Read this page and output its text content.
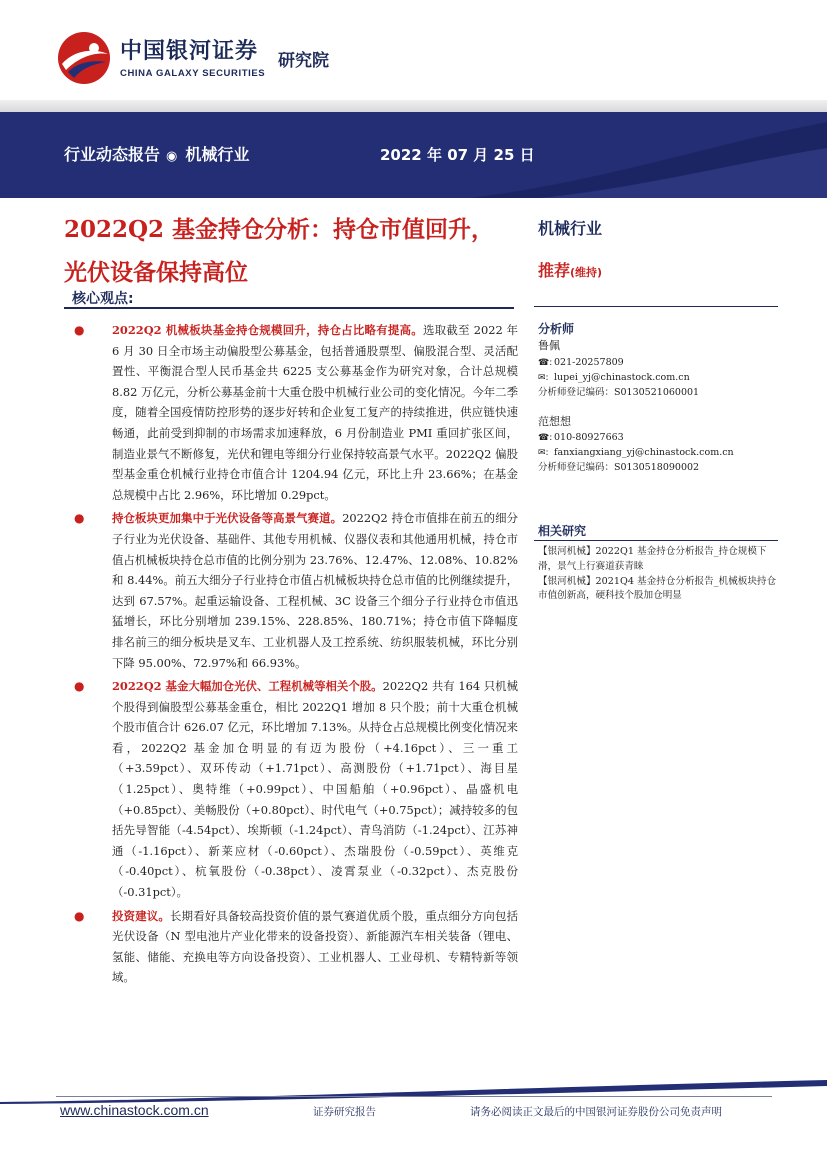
中国银河证券
CHINA GALAXY SECURITIES
研究院
行业动态报告 ◉ 机械行业	2022 年 07 月 25 日
2022Q2 基金持仓分析：持仓市值回升，光伏设备保持高位
核心观点:
● 2022Q2 机械板块基金持仓规模回升，持仓占比略有提高。选取截至 2022 年 6 月 30 日全市场主动偏股型公募基金，包括普通股票型、偏股混合型、灵活配置性、平衡混合型人民币基金共 6225 支公募基金作为研究对象，合计总规模 8.82 万亿元，分析公募基金前十大重仓股中机械行业公司的变化情况。今年二季度，随着全国疫情防控形势的逐步好转和企业复工复产的持续推进，供应链快速畅通，此前受到抑制的市场需求加速释放，6 月份制造业 PMI 重回扩张区间，制造业景气不断修复，光伏和锂电等细分行业保持较高景气水平。2022Q2 偏股型基金重仓机械行业持仓市值合计 1204.94 亿元，环比上升 23.66%；在基金总规模中占比 2.96%，环比增加 0.29pct。
● 持仓板块更加集中于光伏设备等高景气赛道。2022Q2 持仓市值排在前五的细分子行业为光伏设备、基础件、其他专用机械、仪器仪表和其他通用机械，持仓市值占机械板块持仓总市值的比例分别为 23.76%、12.47%、12.08%、10.82%和 8.44%。前五大细分子行业持仓市值占机械板块持仓总市值的比例继续提升，达到 67.57%。起重运输设备、工程机械、3C 设备三个细分子行业持仓市值迅猛增长，环比分别增加 239.15%、228.85%、180.71%；持仓市值下降幅度排名前三的细分板块是叉车、工业机器人及工控系统、纺织服装机械，环比分别下降 95.00%、72.97%和 66.93%。
● 2022Q2 基金大幅加仓光伏、工程机械等相关个股。2022Q2 共有 164 只机械个股得到偏股型公募基金重仓，相比 2022Q1 增加 8 只个股；前十大重仓机械个股市值合计 626.07 亿元，环比增加 7.13%。从持仓占总规模比例变化情况来看，2022Q2 基金加仓明显的有迈为股份（+4.16pct）、三一重工（+3.59pct）、双环传动（+1.71pct）、高测股份（+1.71pct）、海目星（1.25pct）、奥特维（+0.99pct）、中国船舶（+0.96pct）、晶盛机电（+0.85pct）、美畅股份（+0.80pct）、时代电气（+0.75pct）；减持较多的包括先导智能（-4.54pct）、埃斯顿（-1.24pct）、青鸟消防（-1.24pct）、江苏神通（-1.16pct）、新莱应材（-0.60pct）、杰瑞股份（-0.59pct）、英维克（-0.40pct）、杭氧股份（-0.38pct）、凌霄泵业（-0.32pct）、杰克股份（-0.31pct）。
● 投资建议。长期看好具备较高投资价值的景气赛道优质个股，重点细分方向包括光伏设备（N 型电池片产业化带来的设备投资）、新能源汽车相关装备（锂电、氢能、储能、充换电等方向设备投资）、工业机器人、工业母机、专精特新等领域。
机械行业
推荐(维持)
分析师
鲁佩
☎: 021-20257809
✉: lupei_yj@chinastock.com.cn
分析师登记编码：S0130521060001
范想想
☎: 010-80927663
✉: fanxiangxiang_yj@chinastock.com.cn
分析师登记编码：S0130518090002
相关研究

【银河机械】2022Q1 基金持仓分析报告_持仓规模下滑，景气上行赛道获青睐

【银河机械】2021Q4 基金持仓分析报告_机械板块持仓市值创新高，硬科技个股加仓明显

www.chinastock.com.cn	证券研究报告	请务必阅读正文最后的中国银河证券股份公司免责声明
